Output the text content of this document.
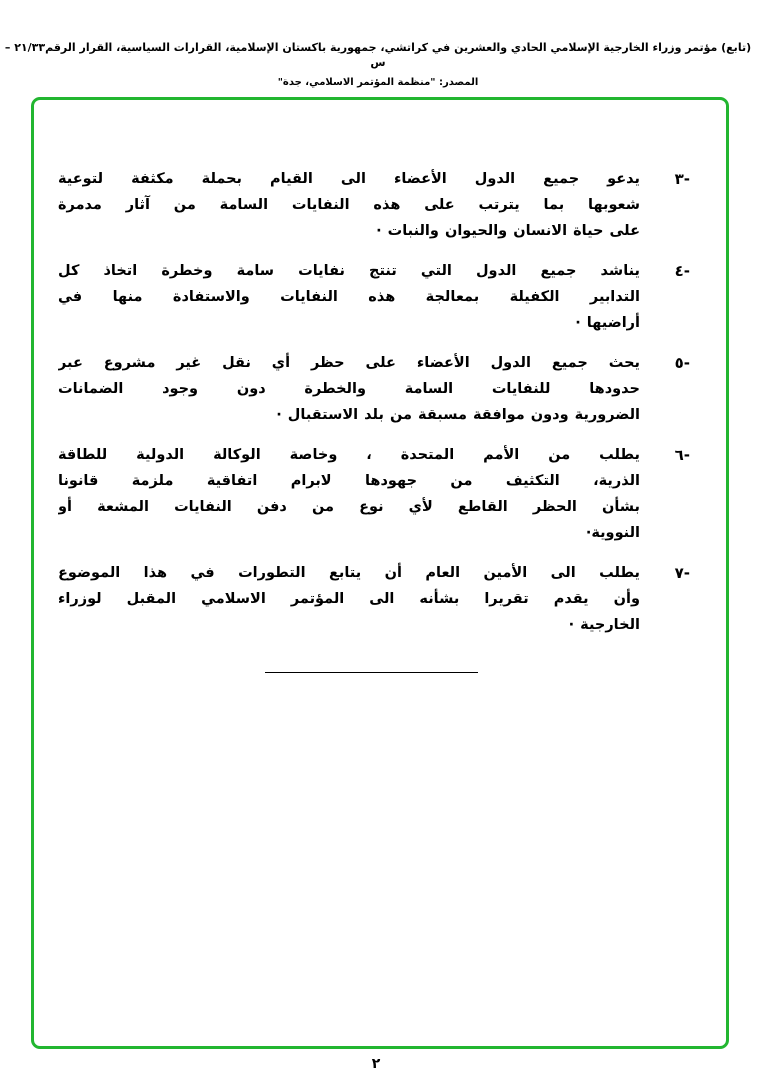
(تابع) مؤتمر وزراء الخارجية الإسلامي الحادي والعشرين في كراتشي، جمهورية باكستان الإسلامية، القرارات السياسية، القرار الرقم٢١/٣٣ – س
المصدر: "منظمة المؤتمر الاسلامي، جدة"
-٣
يدعو جميع الدول الأعضاء الى القيام بحملة مكثفة لتوعية
شعوبها بما يترتب على هذه النفايات السامة من آثار مدمرة
على حياة الانسان والحيوان والنبات ·
-٤
يناشد جميع الدول التي تنتج نفايات سامة وخطرة اتخاذ كل
التدابير الكفيلة بمعالجة هذه النفايات والاستفادة منها في
أراضيها ·
-٥
يحث جميع الدول الأعضاء على حظر أي نقل غير مشروع عبر
حدودها للنفايات السامة والخطرة دون وجود الضمانات
الضرورية ودون موافقة مسبقة من بلد الاستقبال ·
-٦
يطلب من الأمم المتحدة ، وخاصة الوكالة الدولية للطاقة
الذرية، التكثيف من جهودها لابرام اتفاقية ملزمة قانونا
بشأن الحظر القاطع لأي نوع من دفن النفايات المشعة أو
النووية·
-٧
يطلب الى الأمين العام أن يتابع التطورات في هذا الموضوع
وأن يقدم تقريرا بشأنه الى المؤتمر الاسلامي المقبل لوزراء
الخارجية ·
٢
